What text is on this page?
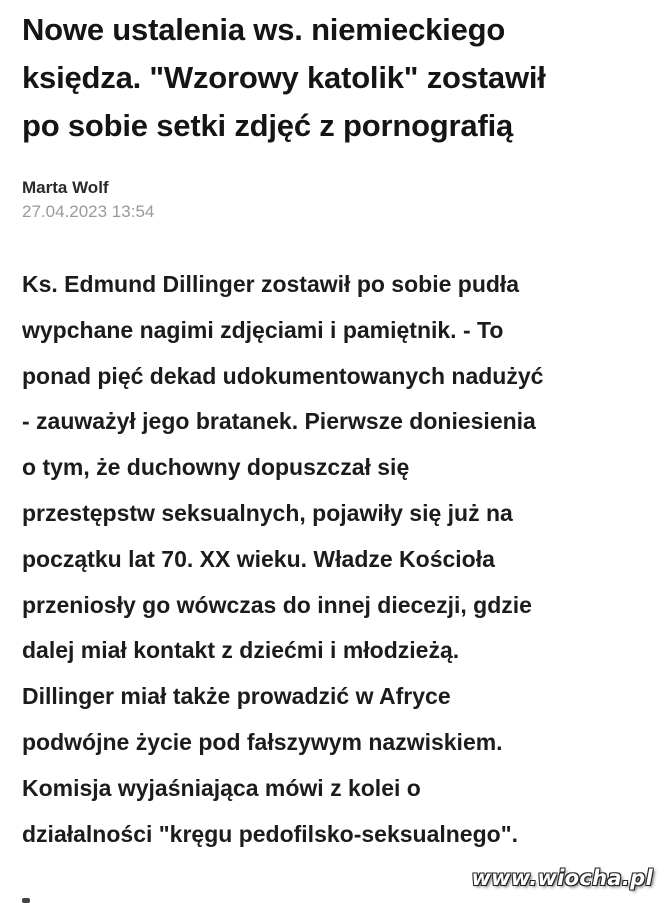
Nowe ustalenia ws. niemieckiego
księdza. "Wzorowy katolik" zostawił
po sobie setki zdjęć z pornografią
Marta Wolf
27.04.2023 13:54
Ks. Edmund Dillinger zostawił po sobie pudła
wypchane nagimi zdjęciami i pamiętnik. - To
ponad pięć dekad udokumentowanych nadużyć
- zauważył jego bratanek. Pierwsze doniesienia
o tym, że duchowny dopuszczał się
przestępstw seksualnych, pojawiły się już na
początku lat 70. XX wieku. Władze Kościoła
przeniosły go wówczas do innej diecezji, gdzie
dalej miał kontakt z dziećmi i młodzieżą.
Dillinger miał także prowadzić w Afryce
podwójne życie pod fałszywym nazwiskiem.
Komisja wyjaśniająca mówi z kolei o
działalności "kręgu pedofilsko-seksualnego".
www.wiocha.pl
